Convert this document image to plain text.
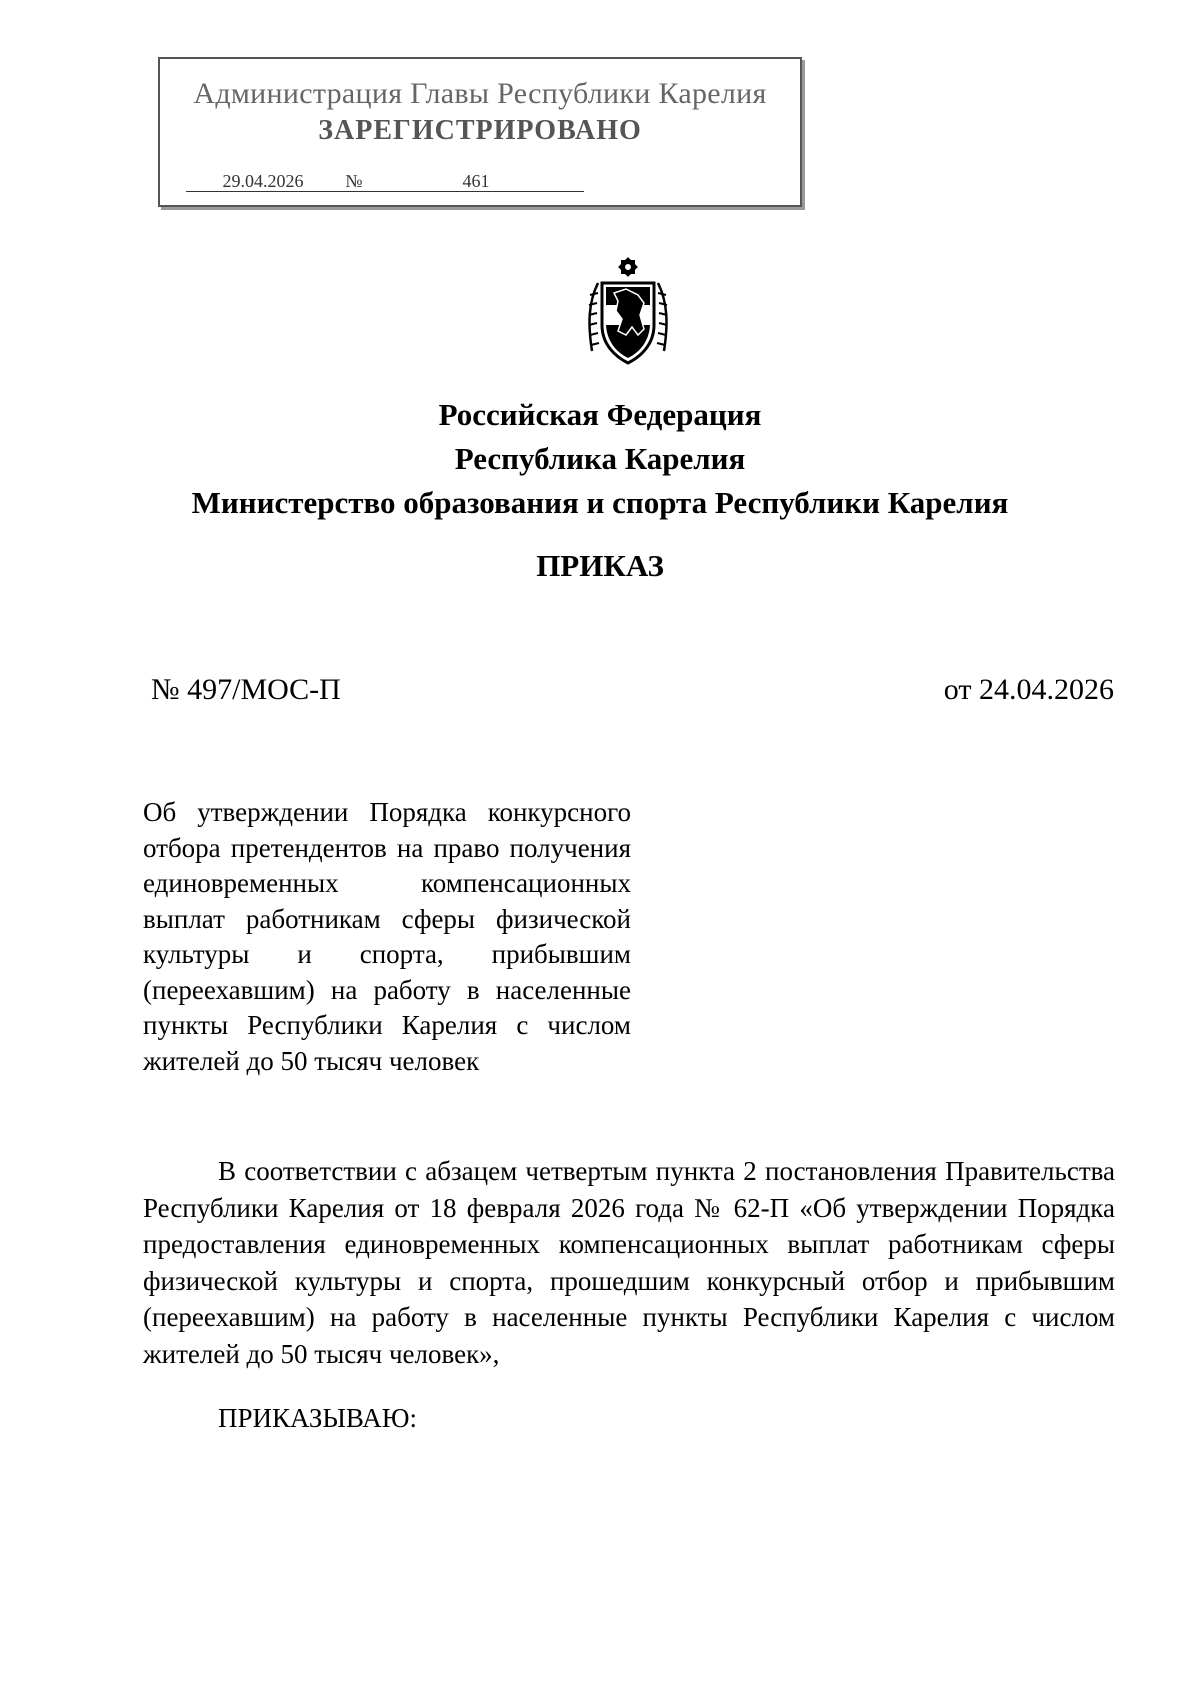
Администрация Главы Республики Карелия
ЗАРЕГИСТРИРОВАНО
29.04.2026	№	461
Российская Федерация
Республика Карелия
Министерство образования и спорта Республики Карелия
ПРИКАЗ
№ 497/МОС-П	от 24.04.2026
Об утверждении Порядка конкурсного отбора претендентов на право получения единовременных компенсационных выплат работникам сферы физической культуры и спорта, прибывшим (переехавшим) на работу в населенные пункты Республики Карелия с числом жителей до 50 тысяч человек
В соответствии с абзацем четвертым пункта 2 постановления Правительства Республики Карелия от 18 февраля 2026 года № 62-П «Об утверждении Порядка предоставления единовременных компенсационных выплат работникам сферы физической культуры и спорта, прошедшим конкурсный отбор и прибывшим (переехавшим) на работу в населенные пункты Республики Карелия с числом жителей до 50 тысяч человек»,
ПРИКАЗЫВАЮ:
